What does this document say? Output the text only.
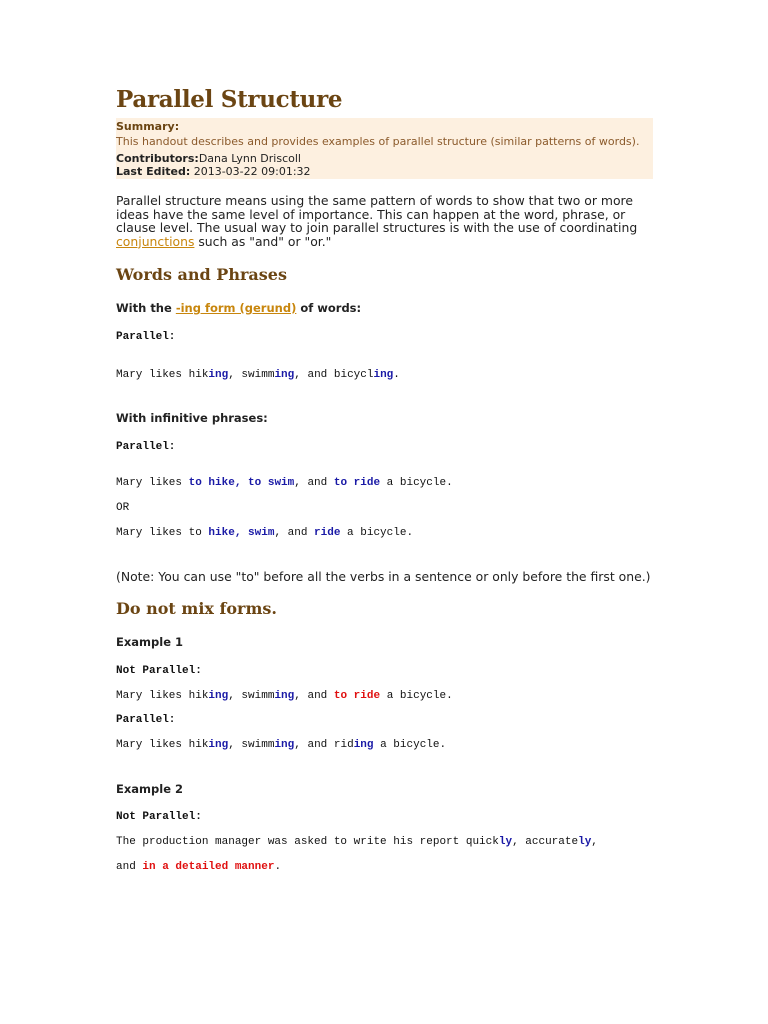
Parallel Structure
Summary:
This handout describes and provides examples of parallel structure (similar patterns of words).
Contributors:Dana Lynn Driscoll
Last Edited: 2013-03-22 09:01:32
Parallel structure means using the same pattern of words to show that two or more ideas have the same level of importance. This can happen at the word, phrase, or clause level. The usual way to join parallel structures is with the use of coordinating conjunctions such as "and" or "or."
Words and Phrases
With the -ing form (gerund) of words:
Parallel:
Mary likes hiking, swimming, and bicycling.
With infinitive phrases:
Parallel:
Mary likes to hike, to swim, and to ride a bicycle.
OR
Mary likes to hike, swim, and ride a bicycle.
(Note: You can use "to" before all the verbs in a sentence or only before the first one.)
Do not mix forms.
Example 1
Not Parallel:
Mary likes hiking, swimming, and to ride a bicycle.
Parallel:
Mary likes hiking, swimming, and riding a bicycle.
Example 2
Not Parallel:
The production manager was asked to write his report quickly, accurately,
and in a detailed manner.
